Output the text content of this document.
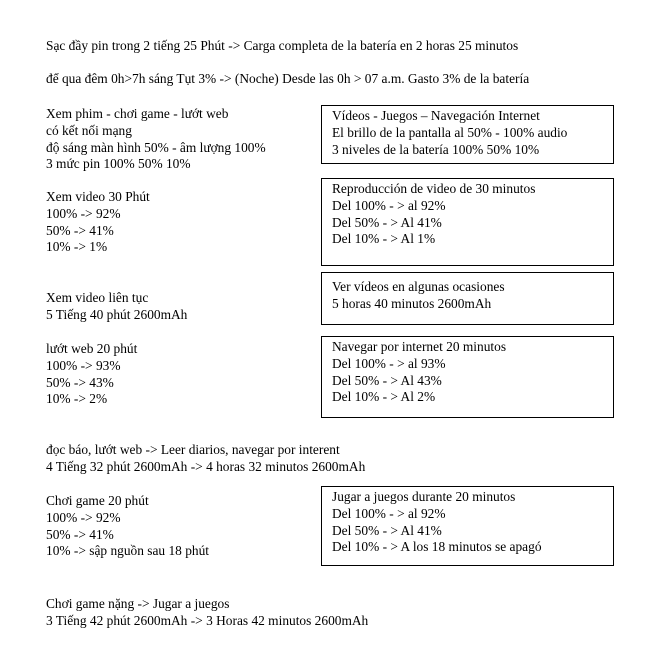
Sạc đầy pin trong 2 tiếng 25 Phút -> Carga completa de la batería en 2 horas 25 minutos
để qua đêm 0h>7h sáng Tụt 3% -> (Noche) Desde las 0h > 07 a.m. Gasto 3% de la batería
Xem phim - chơi game - lướt web
có kết nối mạng
độ sáng màn hình 50% - âm lượng 100%
3 mức pin 100% 50% 10%
Vídeos - Juegos – Navegación Internet
El brillo de la pantalla al 50% - 100% audio
3 niveles de la batería 100% 50% 10%
Xem video 30 Phút
100% -> 92%
50% -> 41%
10% -> 1%
Reproducción de video de 30 minutos
Del 100% - > al 92%
Del 50% - > Al 41%
Del 10% - > Al 1%
Xem video liên tục
5 Tiếng 40 phút 2600mAh
Ver vídeos en algunas ocasiones
5 horas 40 minutos 2600mAh
lướt web 20 phút
100% -> 93%
50% -> 43%
10% -> 2%
Navegar por internet 20 minutos
Del 100% - > al 93%
Del 50% - > Al 43%
Del 10% - > Al 2%
đọc báo, lướt web -> Leer diarios, navegar por interent
4 Tiếng 32 phút 2600mAh -> 4 horas 32 minutos 2600mAh
Chơi game 20 phút
100% -> 92%
50% -> 41%
10% -> sập nguồn sau 18 phút
Jugar a juegos durante 20 minutos
Del 100% - > al 92%
Del 50% - > Al 41%
Del 10% - > A los 18 minutos se apagó
Chơi game nặng -> Jugar a juegos
3 Tiếng 42 phút 2600mAh -> 3 Horas 42 minutos 2600mAh
